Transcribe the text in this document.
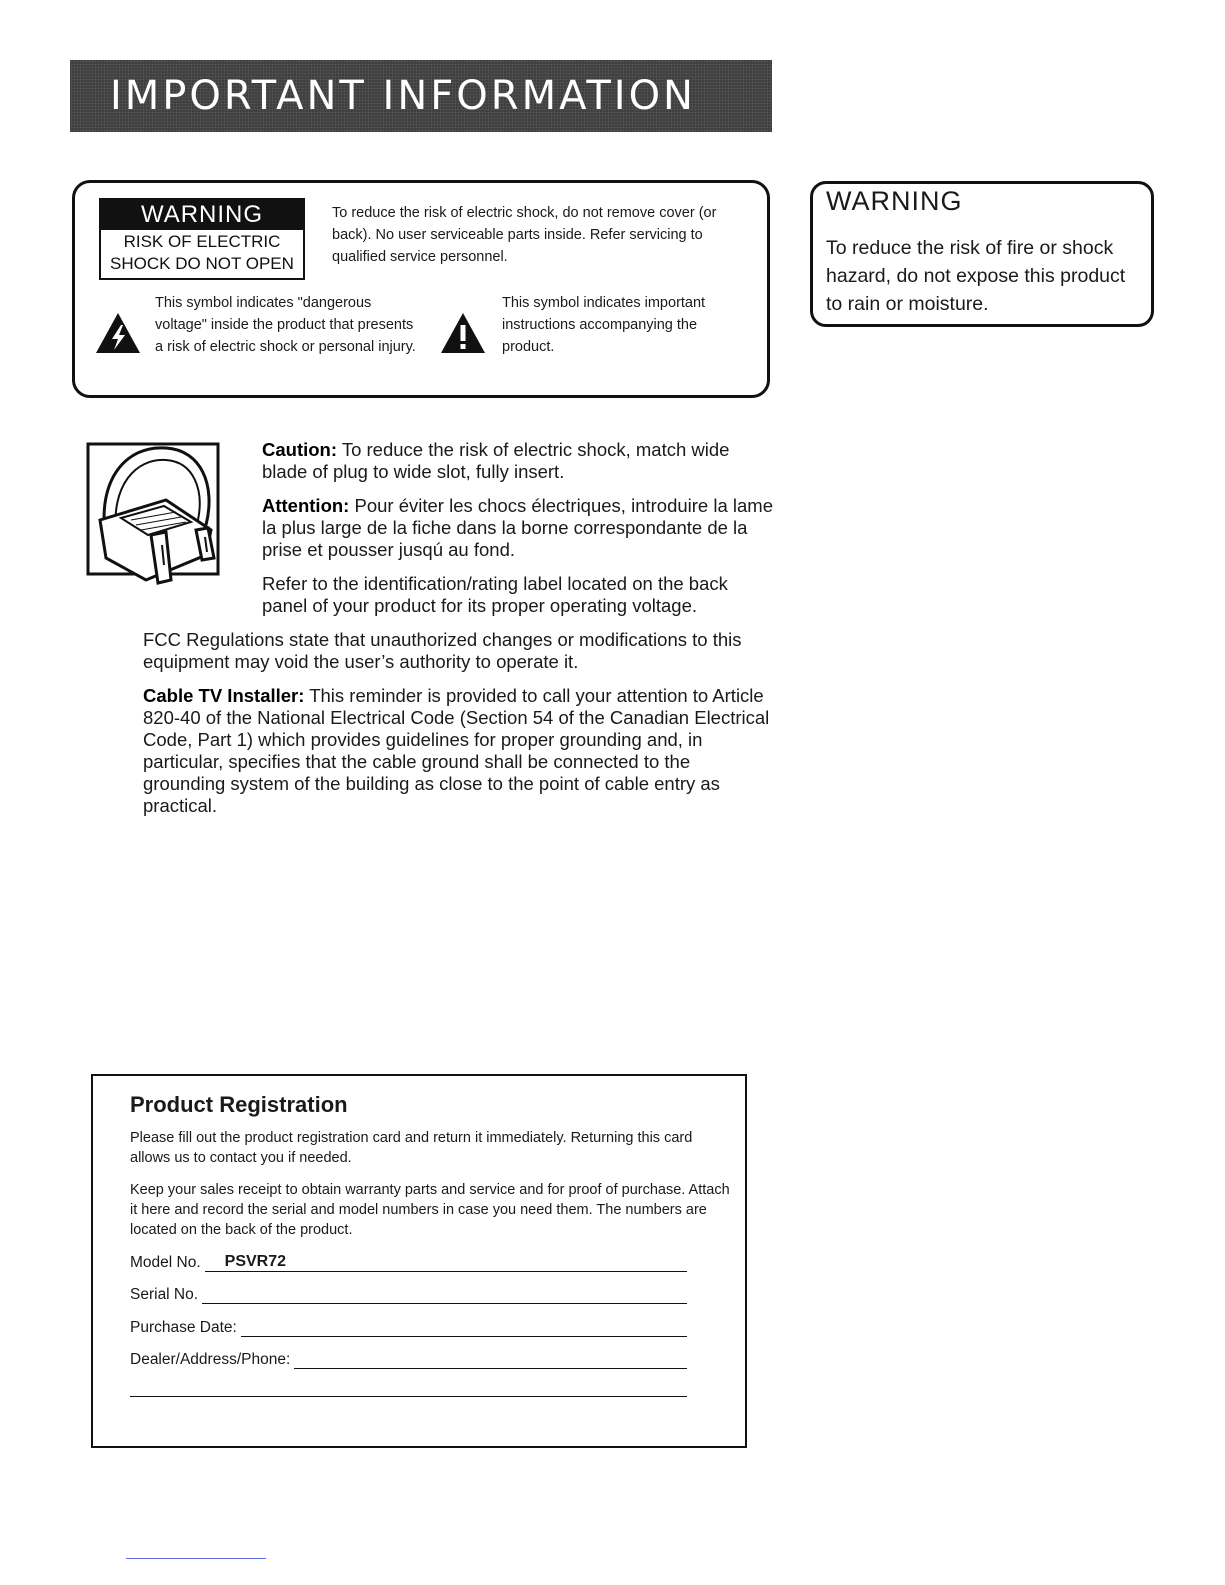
IMPORTANT INFORMATION
WARNING
RISK OF ELECTRIC
SHOCK DO NOT OPEN
To reduce the risk of electric shock, do not remove cover (or back). No user serviceable parts inside. Refer servicing to qualified service personnel.
This symbol indicates "dangerous voltage" inside the product that presents a risk of electric shock or personal injury.
This symbol indicates important instructions accompanying the product.
WARNING
To reduce the risk of fire or shock hazard, do not expose this product to rain or moisture.
Caution: To reduce the risk of electric shock, match wide blade of plug to wide slot, fully insert.
Attention: Pour éviter les chocs électriques, introduire la lame la plus large de la fiche dans la borne correspondante de la prise et pousser jusqú au fond.
Refer to the identification/rating label located on the back panel of your product for its proper operating voltage.
FCC Regulations state that unauthorized changes or modifications to this equipment may void the user’s authority to operate it.
Cable TV Installer: This reminder is provided to call your attention to Article 820-40 of the National Electrical Code (Section 54 of the Canadian Electrical Code, Part 1) which provides guidelines for proper grounding and, in particular, specifies that the cable ground shall be connected to the grounding system of the building as close to the point of cable entry as practical.
Product Registration
Please fill out the product registration card and return it immediately. Returning this card allows us to contact you if needed.
Keep your sales receipt to obtain warranty parts and service and for proof of purchase. Attach it here and record the serial and model numbers in case you need them. The numbers are located on the back of the product.
Model No.	PSVR72
Serial No.
Purchase Date:
Dealer/Address/Phone:
